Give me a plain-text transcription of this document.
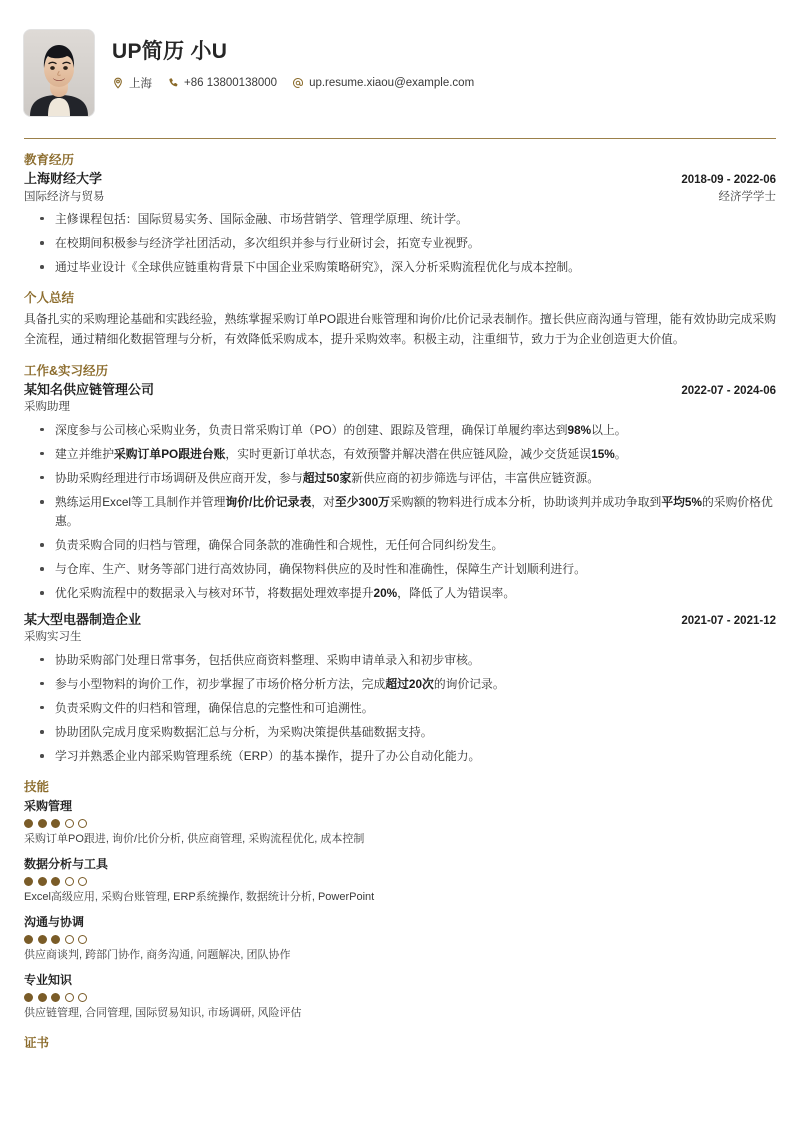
UP简历 小U
上海	+86 13800138000	up.resume.xiaou@example.com
教育经历
上海财经大学	2018-09 - 2022-06
国际经济与贸易	经济学学士
主修课程包括：国际贸易实务、国际金融、市场营销学、管理学原理、统计学。
在校期间积极参与经济学社团活动，多次组织并参与行业研讨会，拓宽专业视野。
通过毕业设计《全球供应链重构背景下中国企业采购策略研究》，深入分析采购流程优化与成本控制。
个人总结
具备扎实的采购理论基础和实践经验，熟练掌握采购订单PO跟进台账管理和询价/比价记录表制作。擅长供应商沟通与管理，能有效协助完成采购全流程，通过精细化数据管理与分析，有效降低采购成本，提升采购效率。积极主动，注重细节，致力于为企业创造更大价值。
工作&实习经历
某知名供应链管理公司	2022-07 - 2024-06
采购助理
深度参与公司核心采购业务，负责日常采购订单（PO）的创建、跟踪及管理，确保订单履约率达到98%以上。
建立并维护采购订单PO跟进台账，实时更新订单状态，有效预警并解决潜在供应链风险，减少交货延误15%。
协助采购经理进行市场调研及供应商开发，参与超过50家新供应商的初步筛选与评估，丰富供应链资源。
熟练运用Excel等工具制作并管理询价/比价记录表，对至少300万采购额的物料进行成本分析，协助谈判并成功争取到平均5%的采购价格优惠。
负责采购合同的归档与管理，确保合同条款的准确性和合规性，无任何合同纠纷发生。
与仓库、生产、财务等部门进行高效协同，确保物料供应的及时性和准确性，保障生产计划顺利进行。
优化采购流程中的数据录入与核对环节，将数据处理效率提升20%，降低了人为错误率。
某大型电器制造企业	2021-07 - 2021-12
采购实习生
协助采购部门处理日常事务，包括供应商资料整理、采购申请单录入和初步审核。
参与小型物料的询价工作，初步掌握了市场价格分析方法，完成超过20次的询价记录。
负责采购文件的归档和管理，确保信息的完整性和可追溯性。
协助团队完成月度采购数据汇总与分析，为采购决策提供基础数据支持。
学习并熟悉企业内部采购管理系统（ERP）的基本操作，提升了办公自动化能力。
技能
采购管理
采购订单PO跟进, 询价/比价分析, 供应商管理, 采购流程优化, 成本控制
数据分析与工具
Excel高级应用, 采购台账管理, ERP系统操作, 数据统计分析, PowerPoint
沟通与协调
供应商谈判, 跨部门协作, 商务沟通, 问题解决, 团队协作
专业知识
供应链管理, 合同管理, 国际贸易知识, 市场调研, 风险评估
证书
